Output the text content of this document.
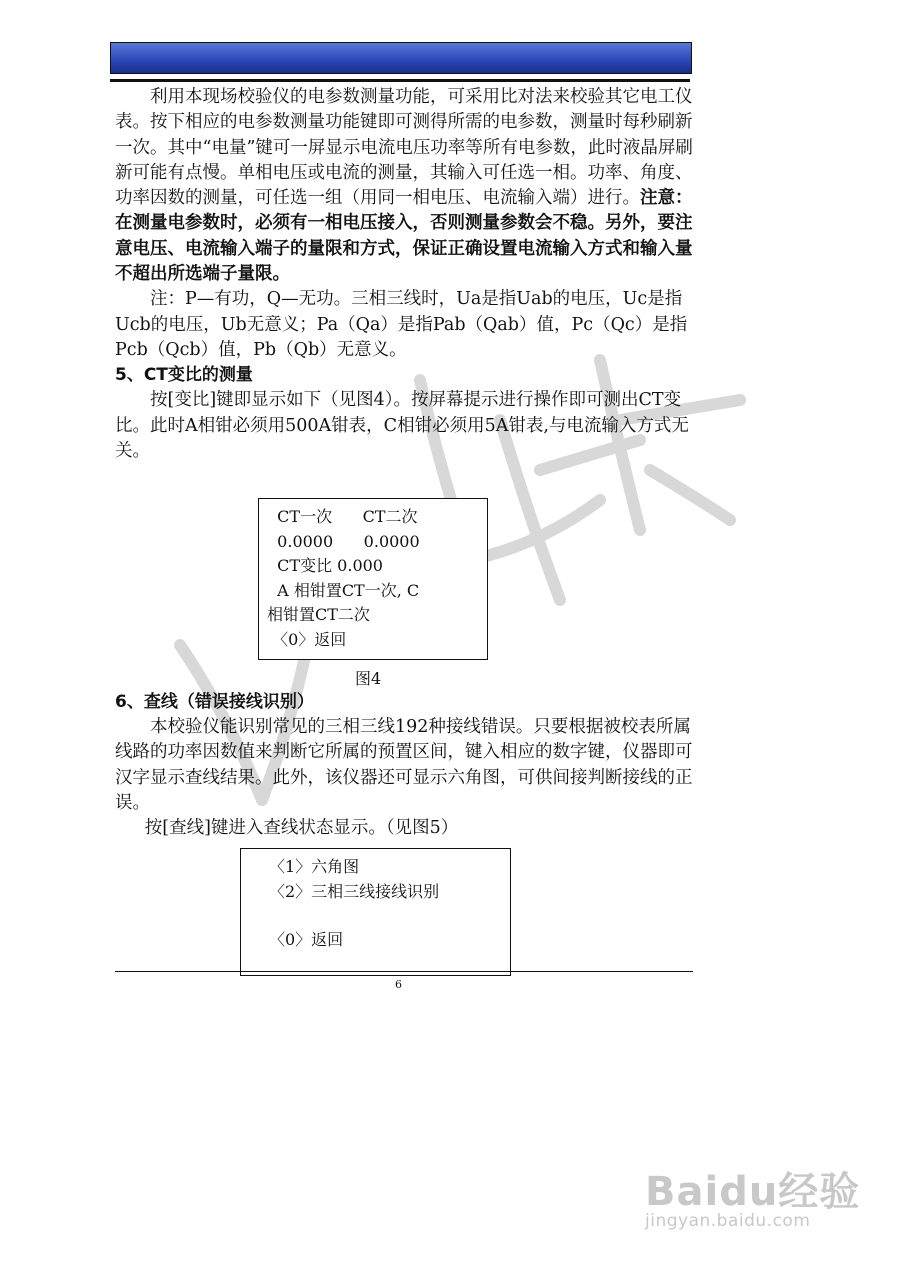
利用本现场校验仪的电参数测量功能，可采用比对法来校验其它电工仪表。按下相应的电参数测量功能键即可测得所需的电参数，测量时每秒刷新一次。其中“电量”键可一屏显示电流电压功率等所有电参数，此时液晶屏刷新可能有点慢。单相电压或电流的测量，其输入可任选一相。功率、角度、功率因数的测量，可任选一组（用同一相电压、电流输入端）进行。注意：在测量电参数时，必须有一相电压接入，否则测量参数会不稳。另外，要注意电压、电流输入端子的量限和方式，保证正确设置电流输入方式和输入量不超出所选端子量限。

注：P—有功，Q—无功。三相三线时，Ua是指Uab的电压，Uc是指Ucb的电压，Ub无意义；Pa（Qa）是指Pab（Qab）值，Pc（Qc）是指Pcb（Qcb）值，Pb（Qb）无意义。

5、CT变比的测量

按[变比]键即显示如下（见图4）。按屏幕提示进行操作即可测出CT变比。此时A相钳必须用500A钳表，C相钳必须用5A钳表,与电流输入方式无关。

CT一次      CT二次
0.0000      0.0000
CT变比 0.000
A 相钳置CT一次, C
相钳置CT二次
〈0〉返回
图4

6、查线（错误接线识别）

本校验仪能识别常见的三相三线192种接线错误。只要根据被校表所属线路的功率因数值来判断它所属的预置区间，键入相应的数字键，仪器即可汉字显示查线结果。此外，该仪器还可显示六角图，可供间接判断接线的正误。

按[查线]键进入查线状态显示。（见图5）

〈1〉六角图
〈2〉三相三线接线识别
〈0〉返回
6
Baidu经验
jingyan.baidu.com
